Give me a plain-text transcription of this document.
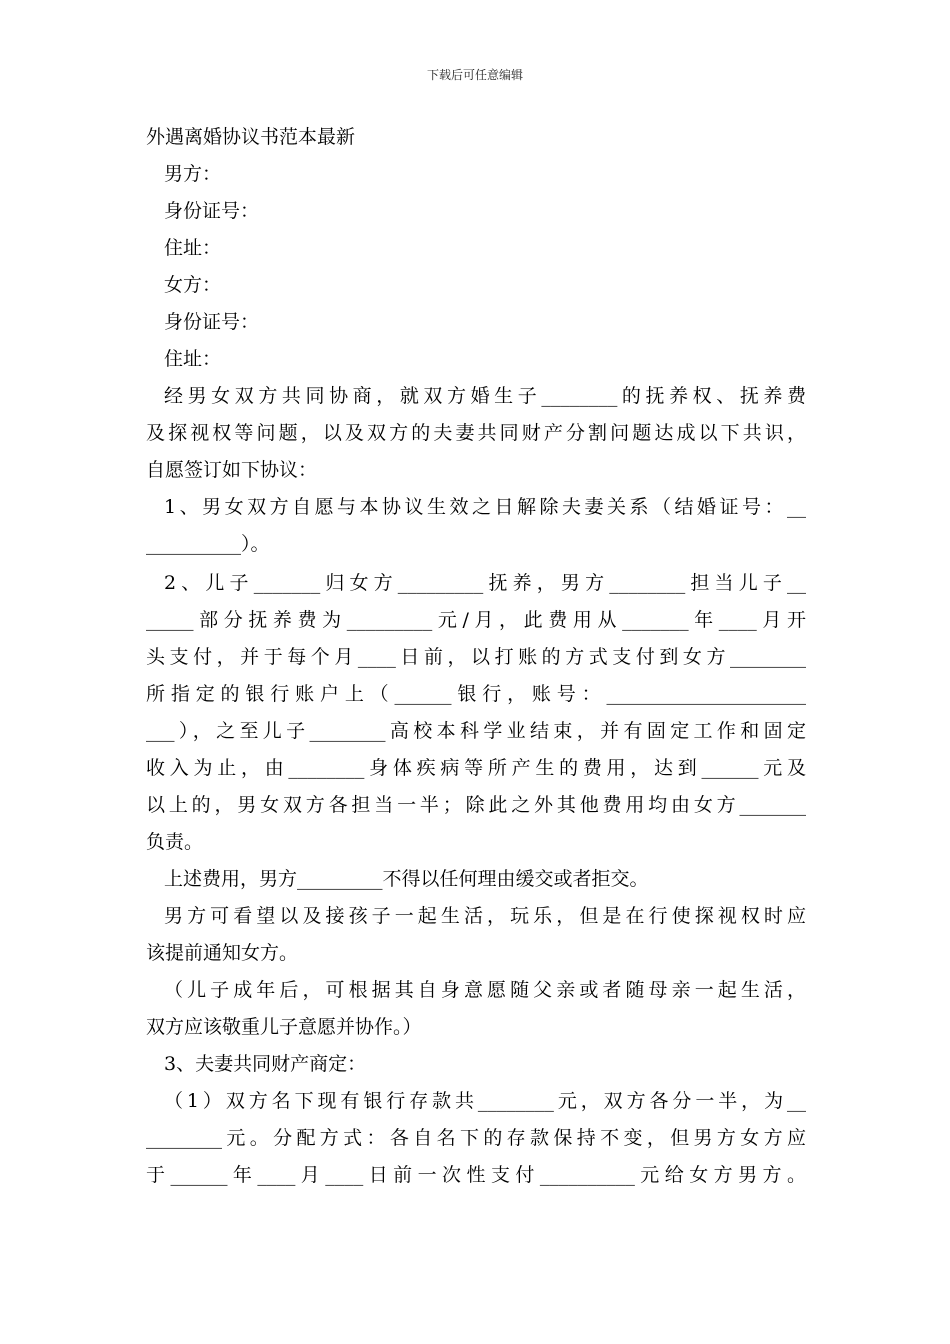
下载后可任意编辑
外遇离婚协议书范本最新
男方：
身份证号：
住址：
女方：
身份证号：
住址：
经男女双方共同协商，就双方婚生子________的抚养权、抚养费
及探视权等问题，以及双方的夫妻共同财产分割问题达成以下共识，
自愿签订如下协议：
1、男女双方自愿与本协议生效之日解除夫妻关系（结婚证号：__
__________）。
2、儿子_______归女方_________抚养，男方________担当儿子__
_____部分抚养费为_________元/月，此费用从_______年____月开
头支付，并于每个月____日前，以打账的方式支付到女方________
所指定的银行账户上（______银行，账号：_____________________
___），之至儿子________高校本科学业结束，并有固定工作和固定
收入为止，由________身体疾病等所产生的费用，达到______元及
以上的，男女双方各担当一半；除此之外其他费用均由女方_______
负责。
上述费用，男方_________不得以任何理由缓交或者拒交。
男方可看望以及接孩子一起生活，玩乐，但是在行使探视权时应
该提前通知女方。
（儿子成年后，可根据其自身意愿随父亲或者随母亲一起生活，
双方应该敬重儿子意愿并协作。）
3、夫妻共同财产商定：
（1）双方名下现有银行存款共________元，双方各分一半，为__
________元。分配方式：各自名下的存款保持不变，但男方女方应
于______年____月____日前一次性支付__________元给女方男方。
